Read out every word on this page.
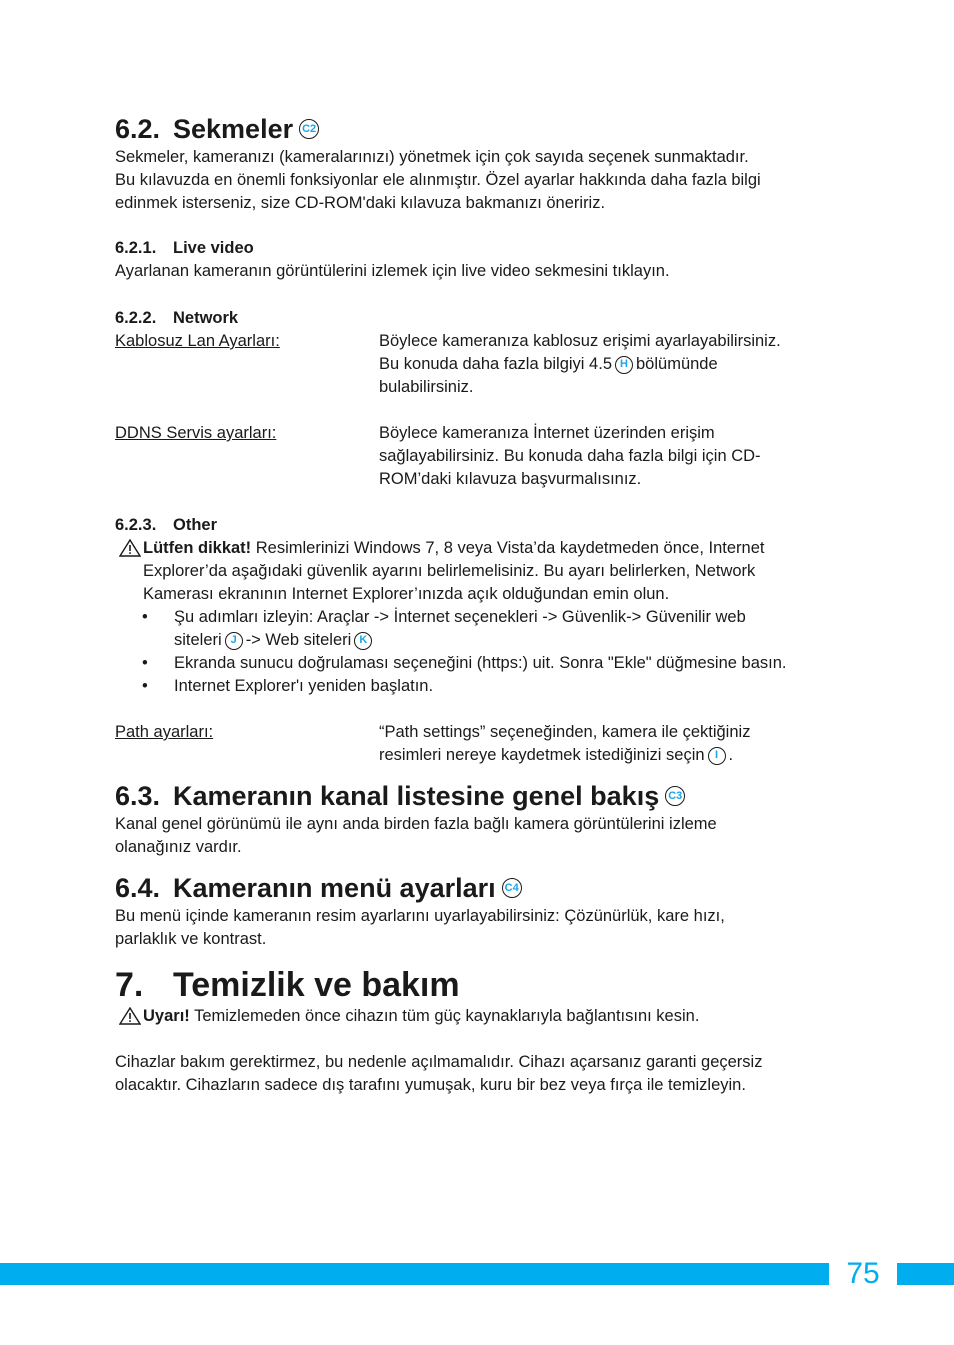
6.2. Sekmeler C2

Sekmeler, kameranızı (kameralarınızı) yönetmek için çok sayıda seçenek sunmaktadır.

Bu kılavuzda en önemli fonksiyonlar ele alınmıştır. Özel ayarlar hakkında daha fazla bilgi

edinmek isterseniz, size CD-ROM'daki kılavuza bakmanızı öneririz.

6.2.1. Live video

Ayarlanan kameranın görüntülerini izlemek için live video sekmesini tıklayın.

6.2.2. Network
Kablosuz Lan Ayarları:	Böylece kameranıza kablosuz erişimi ayarlayabilirsiniz.
Bu konuda daha fazla bilgiyi 4.5 H bölümünde
bulabilirsiniz.
DDNS Servis ayarları:	Böylece kameranıza İnternet üzerinden erişim
sağlayabilirsiniz. Bu konuda daha fazla bilgi için CD-
ROM’daki kılavuza başvurmalısınız.
6.2.3. Other
Lütfen dikkat! Resimlerinizi Windows 7, 8 veya Vista’da kaydetmeden önce, Internet
Explorer’da aşağıdaki güvenlik ayarını belirlemelisiniz. Bu ayarı belirlerken, Network
Kamerası ekranının Internet Explorer’ınızda açık olduğundan emin olun.
• Şu adımları izleyin: Araçlar -> İnternet seçenekleri -> Güvenlik-> Güvenilir web
siteleri J -> Web siteleri K
• Ekranda sunucu doğrulaması seçeneğini (https:) uit. Sonra "Ekle" düğmesine basın.
• Internet Explorer'ı yeniden başlatın.
Path ayarları:	“Path settings” seçeneğinden, kamera ile çektiğiniz
resimleri nereye kaydetmek istediğinizi seçin I .
6.3. Kameranın kanal listesine genel bakış C3

Kanal genel görünümü ile aynı anda birden fazla bağlı kamera görüntülerini izleme

olanağınız vardır.

6.4. Kameranın menü ayarları C4

Bu menü içinde kameranın resim ayarlarını uyarlayabilirsiniz: Çözünürlük, kare hızı,

parlaklık ve kontrast.

7. Temizlik ve bakım
Uyarı! Temizlemeden önce cihazın tüm güç kaynaklarıyla bağlantısını kesin.

Cihazlar bakım gerektirmez, bu nedenle açılmamalıdır. Cihazı açarsanız garanti geçersiz

olacaktır. Cihazların sadece dış tarafını yumuşak, kuru bir bez veya fırça ile temizleyin.

75
